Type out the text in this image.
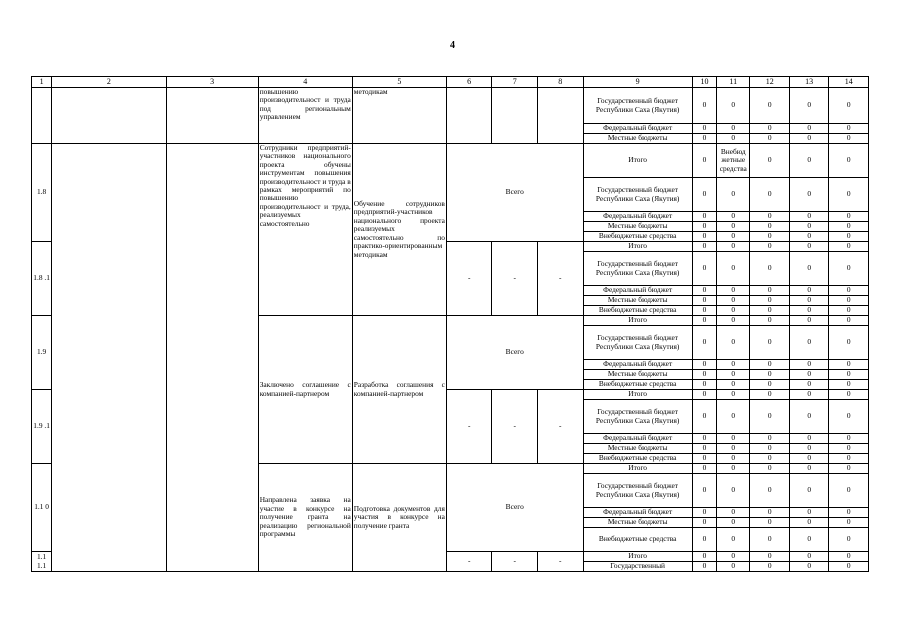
4
1	2	3	4	5	6	7	8	9	10	11	12	13	14
			повышению производительност и труда под региональным управлением	методикам				Государственный бюджет Республики Саха (Якутия)	0	0	0	0	0
								Федеральный бюджет	0	0	0	0	0
								Местные бюджеты	0	0	0	0	0
1.8			Сотрудники предприятий-участников национального проекта обучены инструментам повышения производительност и труда в рамках мероприятий по повышению производительност и труда, реализуемых самостоятельно	Обучение сотрудников предприятий-участников национального проекта реализуемых самостоятельно по практико-ориентированным методикам	Всего			Итого	0	Внебюд жетные средства	0	0	0
								Государственный бюджет Республики Саха (Якутия)	0	0	0	0	0
								Федеральный бюджет	0	0	0	0	0
								Местные бюджеты	0	0	0	0	0
								Внебюджетные средства	0	0	0	0	0
1.8 .1					-	-	-	Итого	0	0	0	0	0
								Государственный бюджет Республики Саха (Якутия)	0	0	0	0	0
								Федеральный бюджет	0	0	0	0	0
								Местные бюджеты	0	0	0	0	0
								Внебюджетные средства	0	0	0	0	0
1.9			Заключено соглашение с компанией-партнером	Разработка соглашения с компанией-партнером	Всего			Итого	0	0	0	0	0
								Государственный бюджет Республики Саха (Якутия)	0	0	0	0	0
								Федеральный бюджет	0	0	0	0	0
								Местные бюджеты	0	0	0	0	0
								Внебюджетные средства	0	0	0	0	0
1.9 .1					-	-	-	Итого	0	0	0	0	0
								Государственный бюджет Республики Саха (Якутия)	0	0	0	0	0
								Федеральный бюджет	0	0	0	0	0
								Местные бюджеты	0	0	0	0	0
								Внебюджетные средства	0	0	0	0	0
1.1 0			Направлена заявка на участие в конкурсе на получение гранта на реализацию региональной программы	Подготовка документов для участия в конкурсе на получение гранта	Всего			Итого	0	0	0	0	0
								Государственный бюджет Республики Саха (Якутия)	0	0	0	0	0
								Федеральный бюджет	0	0	0	0	0
								Местные бюджеты	0	0	0	0	0
								Внебюджетные средства	0	0	0	0	0
1.1 1.1					-	-	-	Итого	0	0	0	0	0
								Государственный	0	0	0	0	0
